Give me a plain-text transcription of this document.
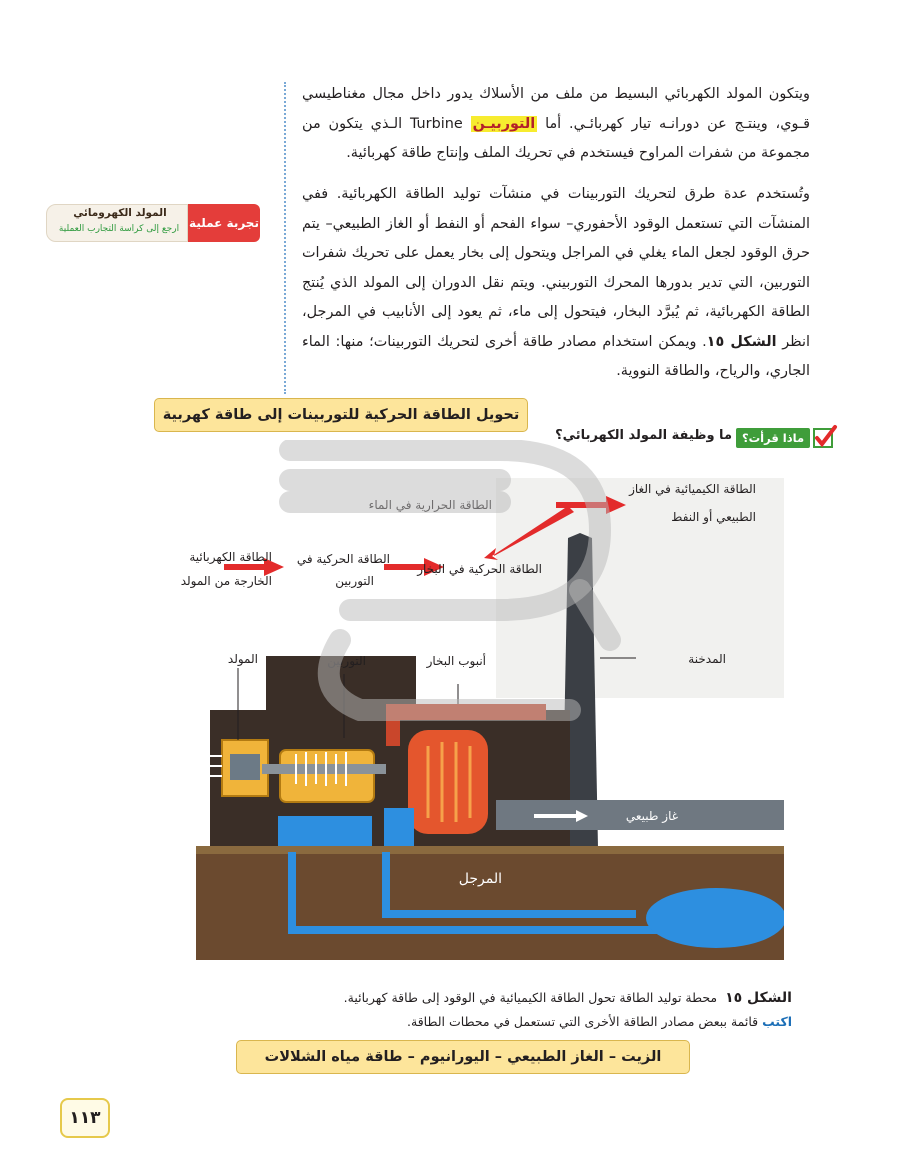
ويتكون المولد الكهربائي البسيط من ملف من الأسلاك يدور داخل مجال مغناطيسي قـوي، وينتـج عن دورانـه تيار كهربائـي. أما التوربيـن Turbine الـذي يتكون من مجموعة من شفرات المراوح فيستخدم في تحريك الملف وإنتاج طاقة كهربائية.

وتُستخدم عدة طرق لتحريك التوربينات في منشآت توليد الطاقة الكهربائية. ففي المنشآت التي تستعمل الوقود الأحفوري– سواء الفحم أو النفط أو الغاز الطبيعي– يتم حرق الوقود لجعل الماء يغلي في المراجل ويتحول إلى بخار يعمل على تحريك شفرات التوربين، التي تدير بدورها المحرك التوربيني. ويتم نقل الدوران إلى المولد الذي يُنتج الطاقة الكهربائية، ثم يُبرَّد البخار، فيتحول إلى ماء، ثم يعود إلى الأنابيب في المرجل، انظر الشكل ١٥. ويمكن استخدام مصادر طاقة أخرى لتحريك التوربينات؛ منها: الماء الجاري، والرياح، والطاقة النووية.

المولد الكهرومائي
ارجع إلى كراسة التجارب العملية تجربة عملية
ماذا قرأت؟
ما وظيفة المولد الكهربائي؟
تحويل الطاقة الحركية للتوربينات إلى طاقة كهربية
الطاقة الكيميائية في الغاز
الطبيعي أو النفط
الطاقة الحرارية في الماء
الطاقة الحركية في البخار
الطاقة الحركية في
التوربين
الطاقة الكهربائية
الخارجة من المولد
المولد	التوربين	أنبوب البخار	المدخنة
غاز طبيعي
المرجل
الشكل ١٥  محطة توليد الطاقة تحول الطاقة الكيميائية في الوقود إلى طاقة كهربائية.
اكتب قائمة ببعض مصادر الطاقة الأخرى التي تستعمل في محطات الطاقة.
الزيت – الغاز الطبيعي – اليورانيوم – طاقة مياه الشلالات
١١٣
